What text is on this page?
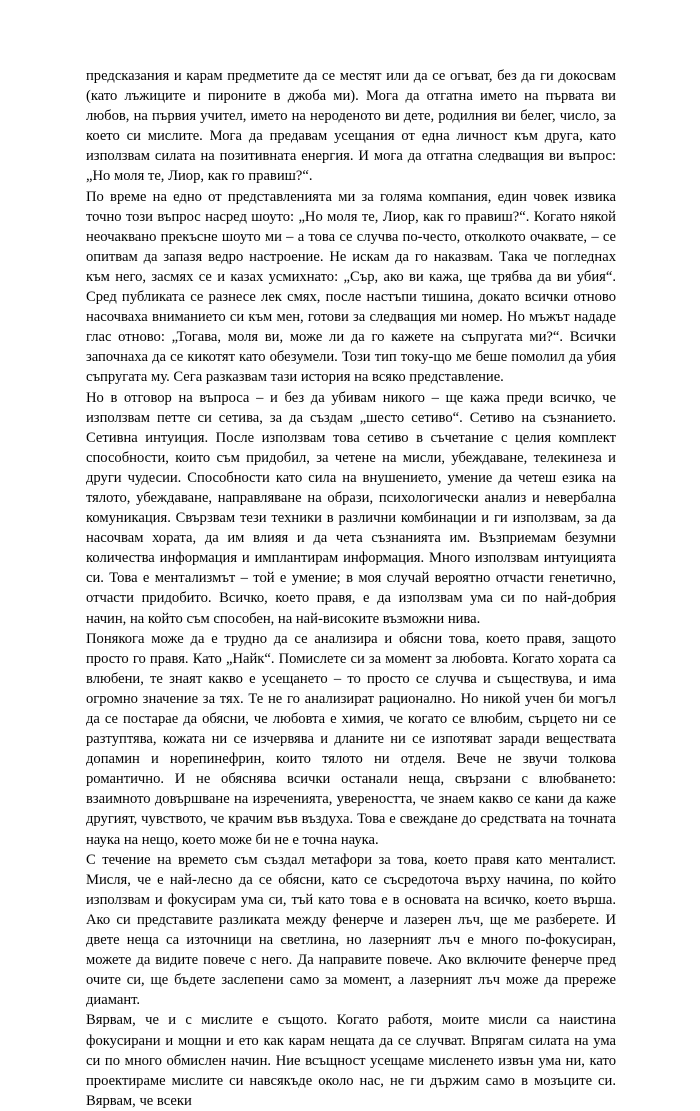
предсказания и карам предметите да се местят или да се огъват, без да ги докосвам (като лъжиците и пироните в джоба ми). Мога да отгатна името на първата ви любов, на първия учител, името на нероденото ви дете, родилния ви белег, число, за което си мислите. Мога да предавам усещания от една личност към друга, като използвам силата на позитивната енергия. И мога да отгатна следващия ви въпрос: „Но моля те, Лиор, как го правиш?“.

По време на едно от представленията ми за голяма компания, един човек извика точно този въпрос насред шоуто: „Но моля те, Лиор, как го правиш?“. Когато някой неочаквано прекъсне шоуто ми – а това се случва по-често, отколкото очаквате, – се опитвам да запазя ведро настроение. Не искам да го наказвам. Така че погледнах към него, засмях се и казах усмихнато: „Сър, ако ви кажа, ще трябва да ви убия“. Сред публиката се разнесе лек смях, после настъпи тишина, докато всички отново насочваха вниманието си към мен, готови за следващия ми номер. Но мъжът нададе глас отново: „Тогава, моля ви, може ли да го кажете на съпругата ми?“. Всички започнаха да се кикотят като обезумели. Този тип току-що ме беше помолил да убия съпругата му. Сега разказвам тази история на всяко представление.

Но в отговор на въпроса – и без да убивам никого – ще кажа преди всичко, че използвам петте си сетива, за да създам „шесто сетиво“. Сетиво на съзнанието. Сетивна интуиция. После използвам това сетиво в съчетание с целия комплект способности, които съм придобил, за четене на мисли, убеждаване, телекинеза и други чудесии. Способности като сила на внушението, умение да четеш езика на тялото, убеждаване, направляване на образи, психологически анализ и невербална комуникация. Свързвам тези техники в различни комбинации и ги използвам, за да насочвам хората, да им влияя и да чета съзнанията им. Възприемам безумни количества информация и имплантирам информация. Много използвам интуицията си. Това е ментализмът – той е умение; в моя случай вероятно отчасти генетично, отчасти придобито. Всичко, което правя, е да използвам ума си по най-добрия начин, на който съм способен, на най-високите възможни нива.

Понякога може да е трудно да се анализира и обясни това, което правя, защото просто го правя. Като „Найк“. Помислете си за момент за любовта. Когато хората са влюбени, те знаят какво е усещането – то просто се случва и съществува, и има огромно значение за тях. Те не го анализират рационално. Но никой учен би могъл да се постарае да обясни, че любовта е химия, че когато се влюбим, сърцето ни се разтуптява, кожата ни се изчервява и дланите ни се изпотяват заради веществата допамин и норепинефрин, които тялото ни отделя. Вече не звучи толкова романтично. И не обяснява всички останали неща, свързани с влюбването: взаимното довършване на изреченията, увереността, че знаем какво се кани да каже другият, чувството, че крачим във въздуха. Това е свеждане до средствата на точната наука на нещо, което може би не е точна наука.

С течение на времето съм създал метафори за това, което правя като менталист. Мисля, че е най-лесно да се обясни, като се съсредоточа върху начина, по който използвам и фокусирам ума си, тъй като това е в основата на всичко, което върша. Ако си представите разликата между фенерче и лазерен лъч, ще ме разберете. И двете неща са източници на светлина, но лазерният лъч е много по-фокусиран, можете да видите повече с него. Да направите повече. Ако включите фенерче пред очите си, ще бъдете заслепени само за момент, а лазерният лъч може да прережe диамант.

Вярвам, че и с мислите е същото. Когато работя, моите мисли са наистина фокусирани и мощни и ето как карам нещата да се случват. Впрягам силата на ума си по много обмислен начин. Ние всъщност усещаме мисленето извън ума ни, като проектираме мислите си навсякъде около нас, не ги държим само в мозъците си. Вярвам, че всеки
